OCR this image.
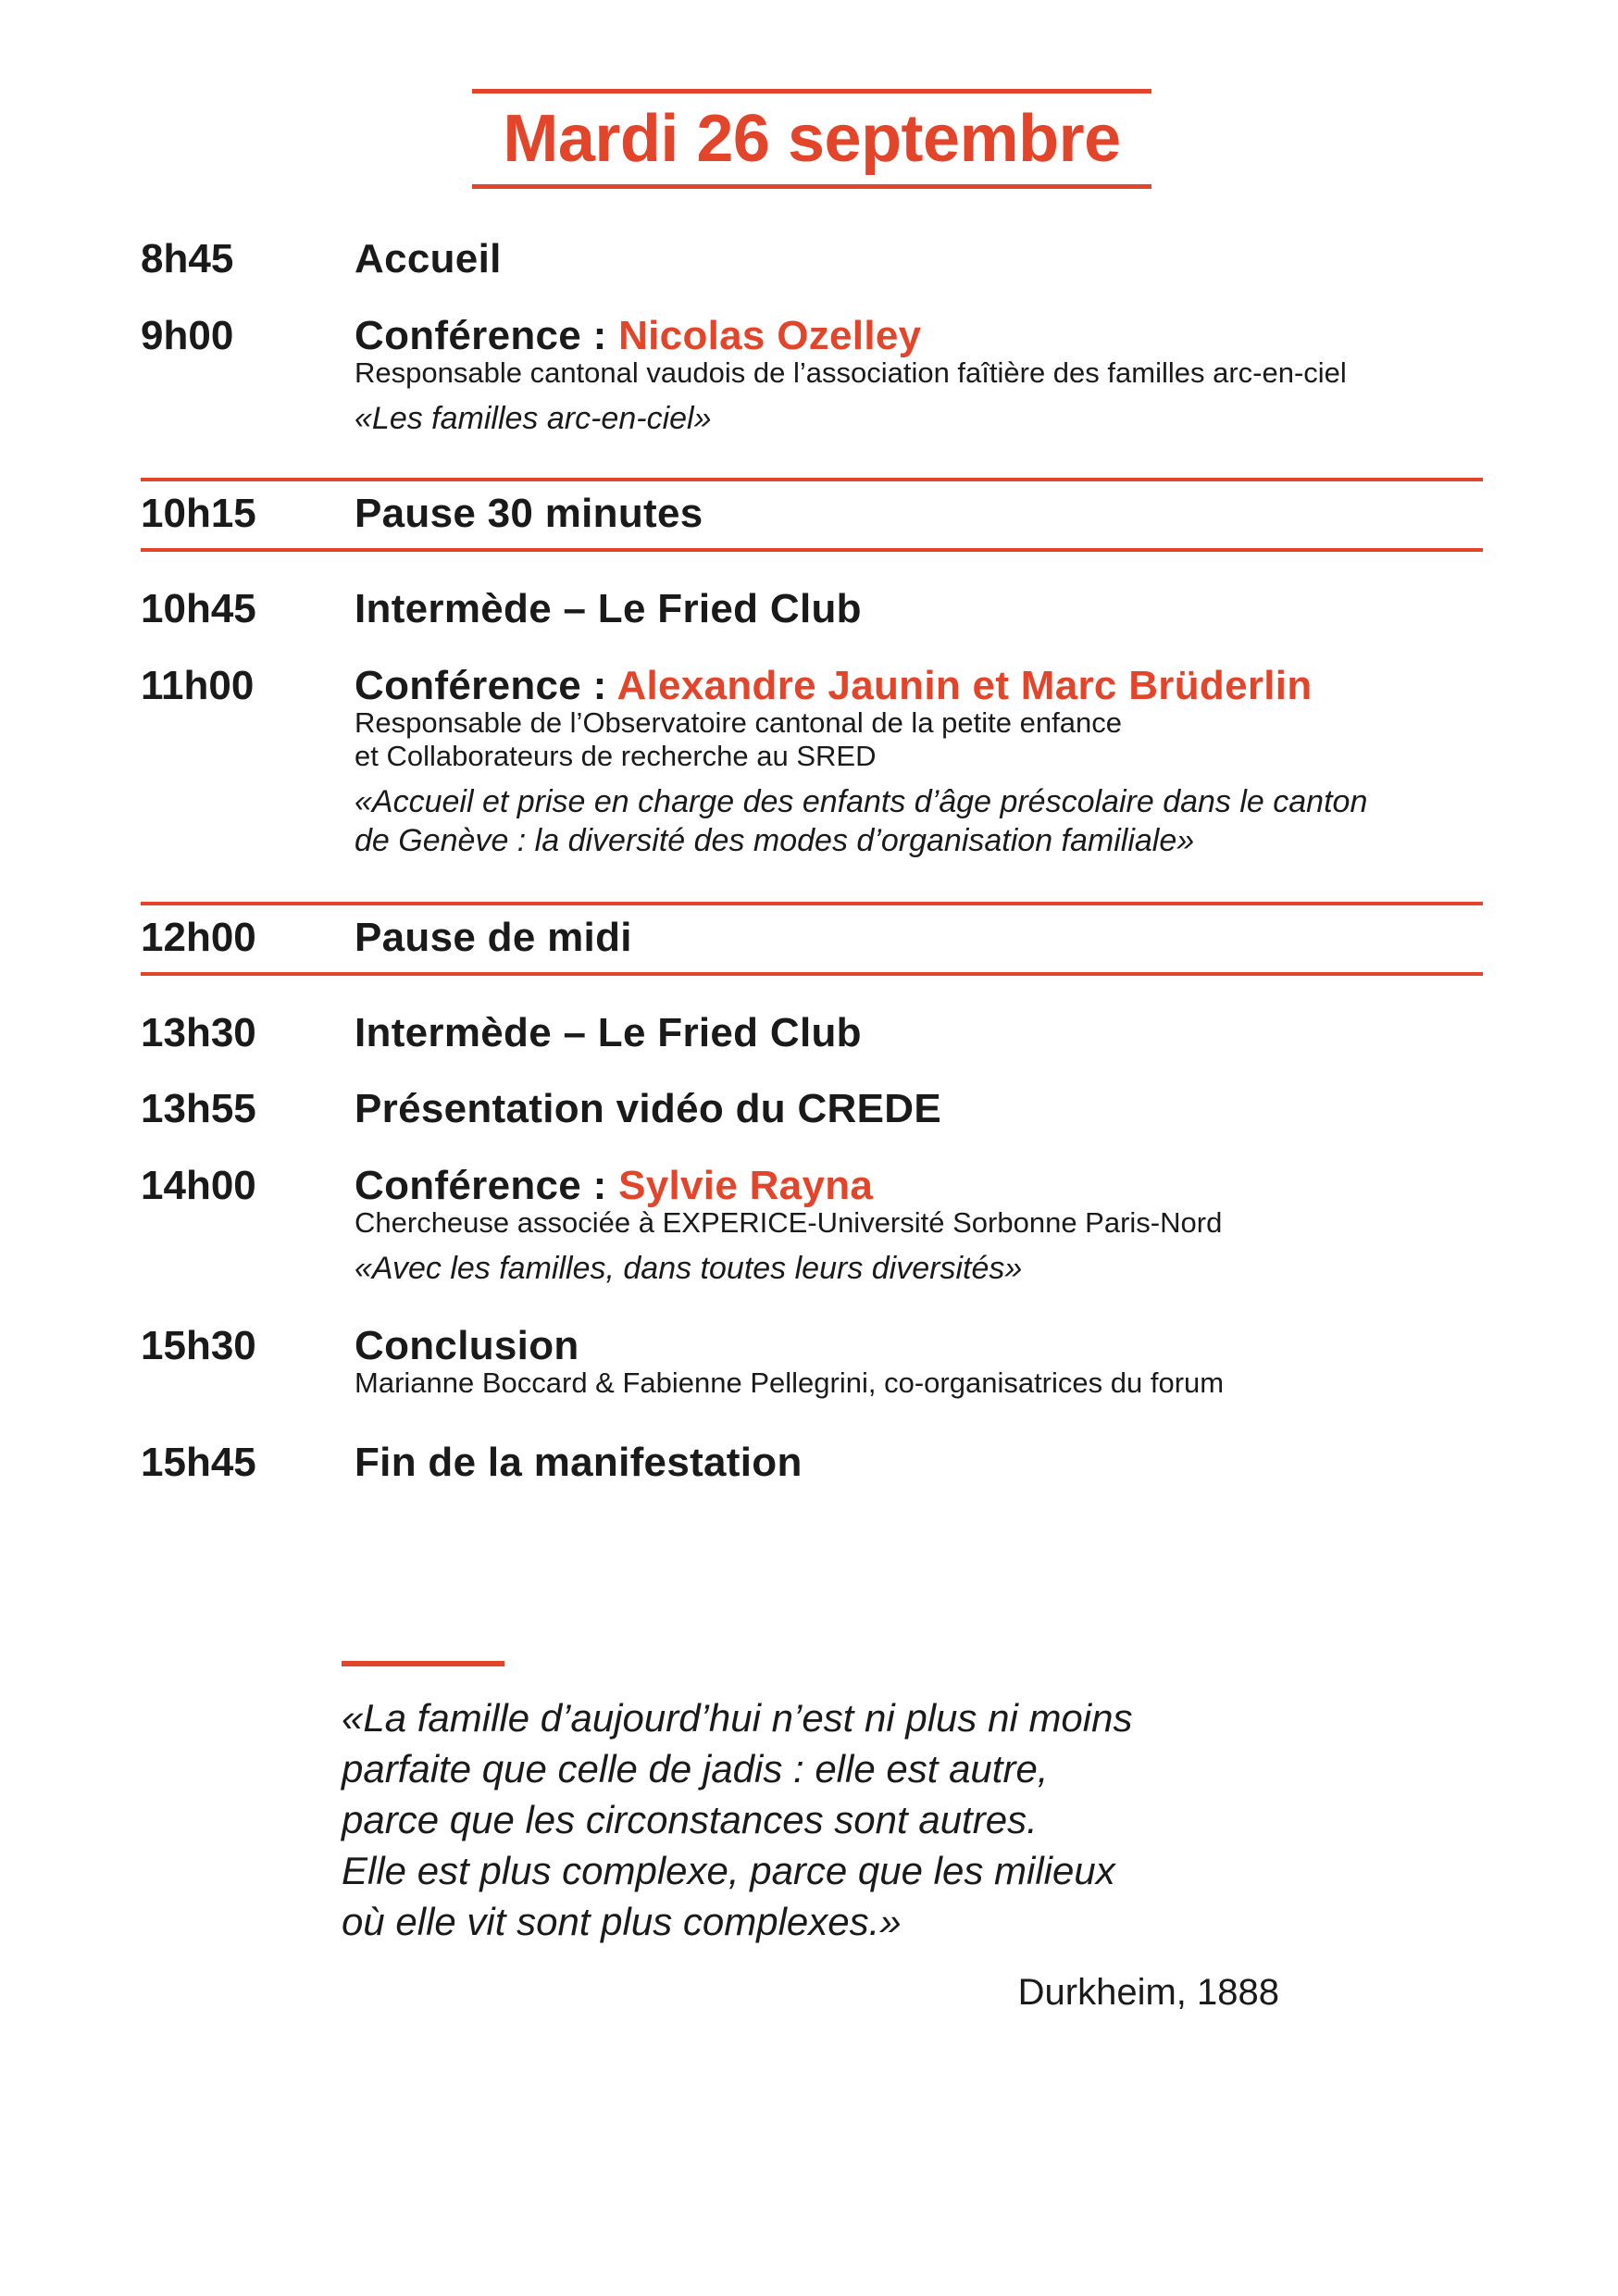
Mardi 26 septembre
8h45	Accueil
9h00	Conférence : Nicolas Ozelley
Responsable cantonal vaudois de l’association faîtière des familles arc-en-ciel
«Les familles arc-en-ciel»
10h15 Pause 30 minutes
10h45 Intermède – Le Fried Club
11h00 Conférence : Alexandre Jaunin et Marc Brüderlin
Responsable de l’Observatoire cantonal de la petite enfance
et Collaborateurs de recherche au SRED
«Accueil et prise en charge des enfants d’âge préscolaire dans le canton
de Genève : la diversité des modes d’organisation familiale»
12h00 Pause de midi
13h30 Intermède – Le Fried Club
13h55 Présentation vidéo du CREDE
14h00 Conférence : Sylvie Rayna
Chercheuse associée à EXPERICE-Université Sorbonne Paris-Nord
«Avec les familles, dans toutes leurs diversités»
15h30 Conclusion
Marianne Boccard & Fabienne Pellegrini, co-organisatrices du forum
15h45 Fin de la manifestation
«La famille d’aujourd’hui n’est ni plus ni moins
parfaite que celle de jadis : elle est autre,
parce que les circonstances sont autres.
Elle est plus complexe, parce que les milieux
où elle vit sont plus complexes.»
Durkheim, 1888
